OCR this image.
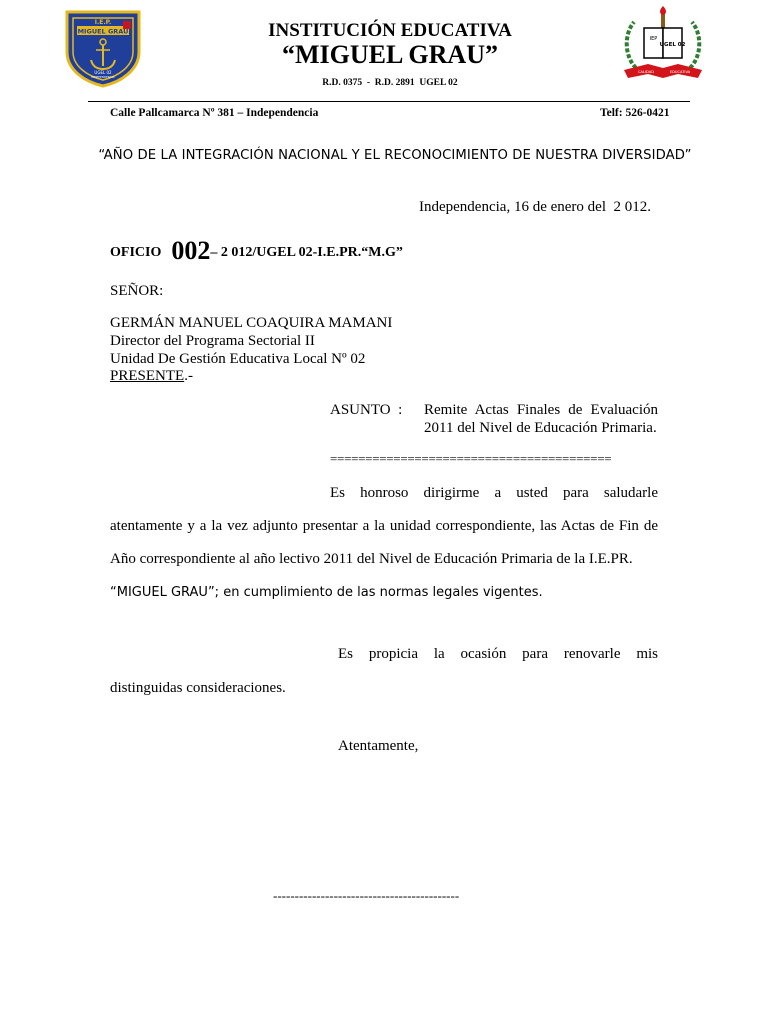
I.E.P.
MIGUEL GRAU
UGEL 02
INDEPENDENCIA
IEP
UGEL 02
CALIDAD	EDUCATIVA
INSTITUCIÓN EDUCATIVA
“MIGUEL GRAU”
R.D. 0375  -  R.D. 2891  UGEL 02
Calle Pallcamarca Nº 381 – Independencia	Telf: 526-0421
“AÑO DE LA INTEGRACIÓN NACIONAL Y EL RECONOCIMIENTO DE NUESTRA DIVERSIDAD”
Independencia, 16 de enero del  2 012.
OFICIO 002– 2 012/UGEL 02-I.E.PR.“M.G”
SEÑOR:
GERMÁN MANUEL COAQUIRA MAMANI
Director del Programa Sectorial II
Unidad De Gestión Educativa Local Nº 02
PRESENTE.-
ASUNTO  : Remite Actas Finales de Evaluación 2011 del Nivel de Educación Primaria.
========================================
Es honroso dirigirme a usted para saludarle
atentamente y a la vez adjunto presentar a la unidad correspondiente, las Actas de Fin de
Año correspondiente al año lectivo 2011 del Nivel de Educación Primaria de la I.E.PR.
“MIGUEL GRAU”; en cumplimiento de las normas legales vigentes.
Es propicia la ocasión para renovarle mis
distinguidas consideraciones.
Atentamente,
-------------------------------------------
